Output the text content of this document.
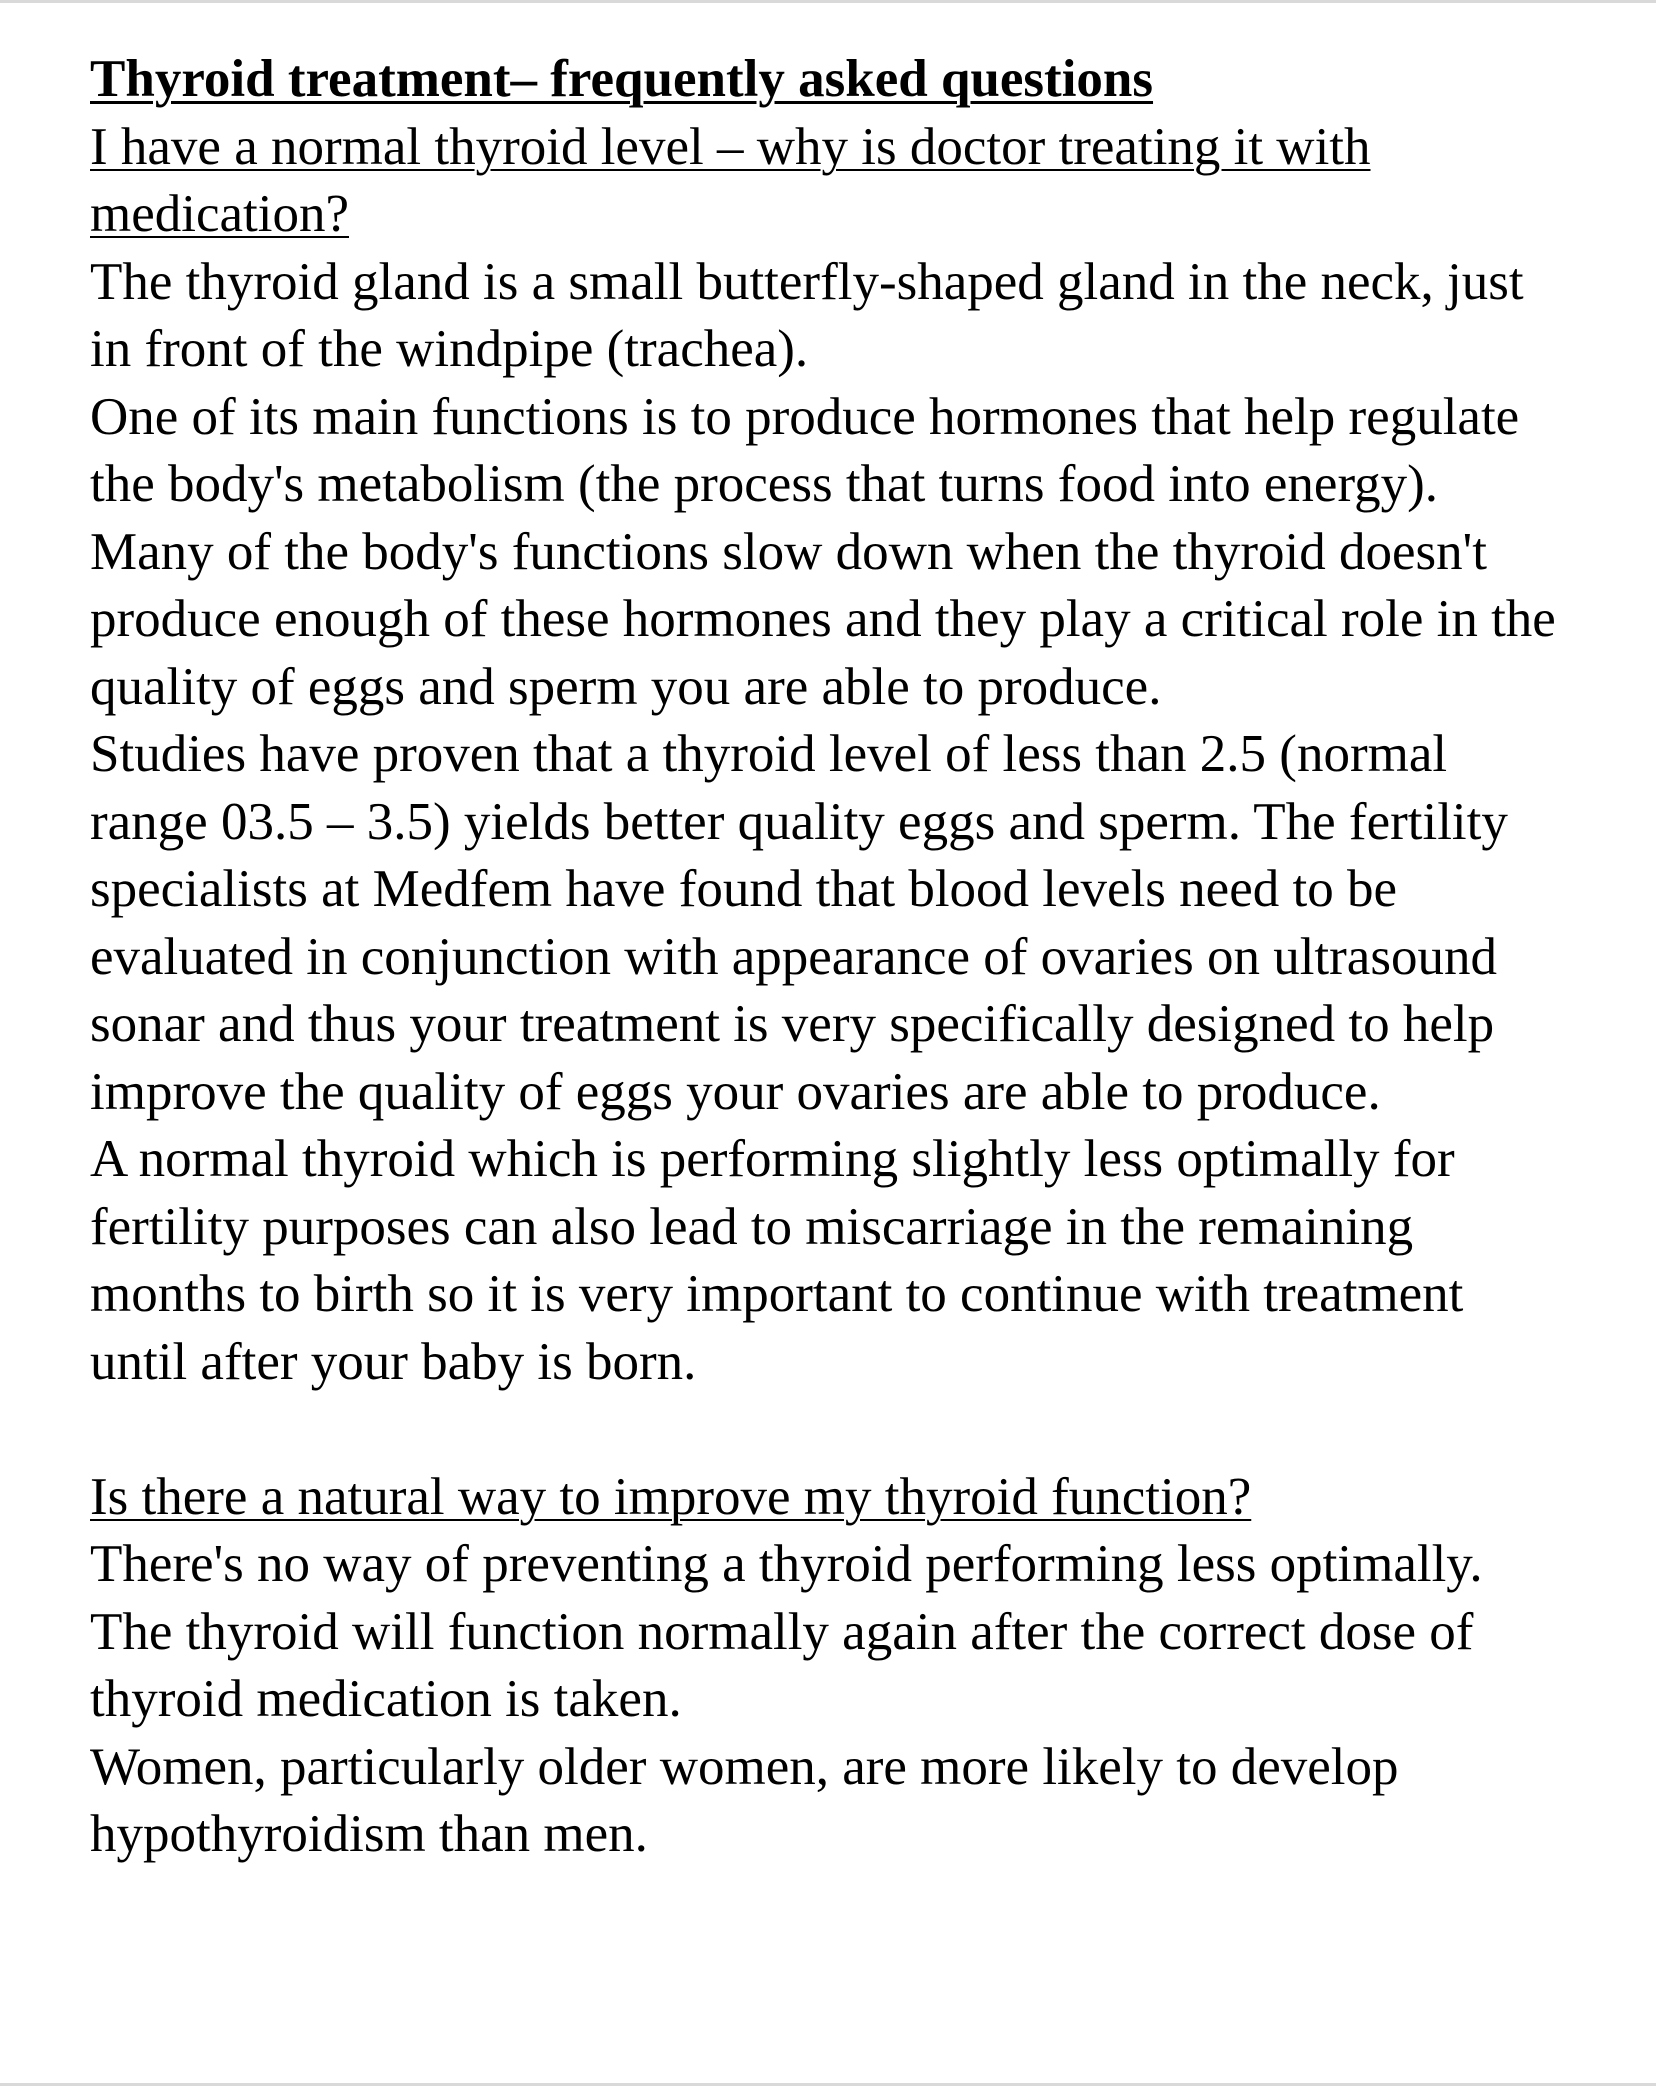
Thyroid treatment– frequently asked questions
I have a normal thyroid level – why is doctor treating it with medication?

The thyroid gland is a small butterfly-shaped gland in the neck, just in front of the windpipe (trachea).

One of its main functions is to produce hormones that help regulate the body's metabolism (the process that turns food into energy).

Many of the body's functions slow down when the thyroid doesn't produce enough of these hormones and they play a critical role in the quality of eggs and sperm you are able to produce.

Studies have proven that a thyroid level of less than 2.5 (normal range 03.5 – 3.5) yields better quality eggs and sperm. The fertility specialists at Medfem have found that blood levels need to be evaluated in conjunction with appearance of ovaries on ultrasound sonar and thus your treatment is very specifically designed to help improve the quality of eggs your ovaries are able to produce.

A normal thyroid which is performing slightly less optimally for fertility purposes can also lead to miscarriage in the remaining months to birth so it is very important to continue with treatment until after your baby is born.

Is there a natural way to improve my thyroid function?

There's no way of preventing a thyroid performing less optimally.  The thyroid will function normally again after the correct dose of thyroid medication is taken.

Women, particularly older women, are more likely to develop hypothyroidism than men.
